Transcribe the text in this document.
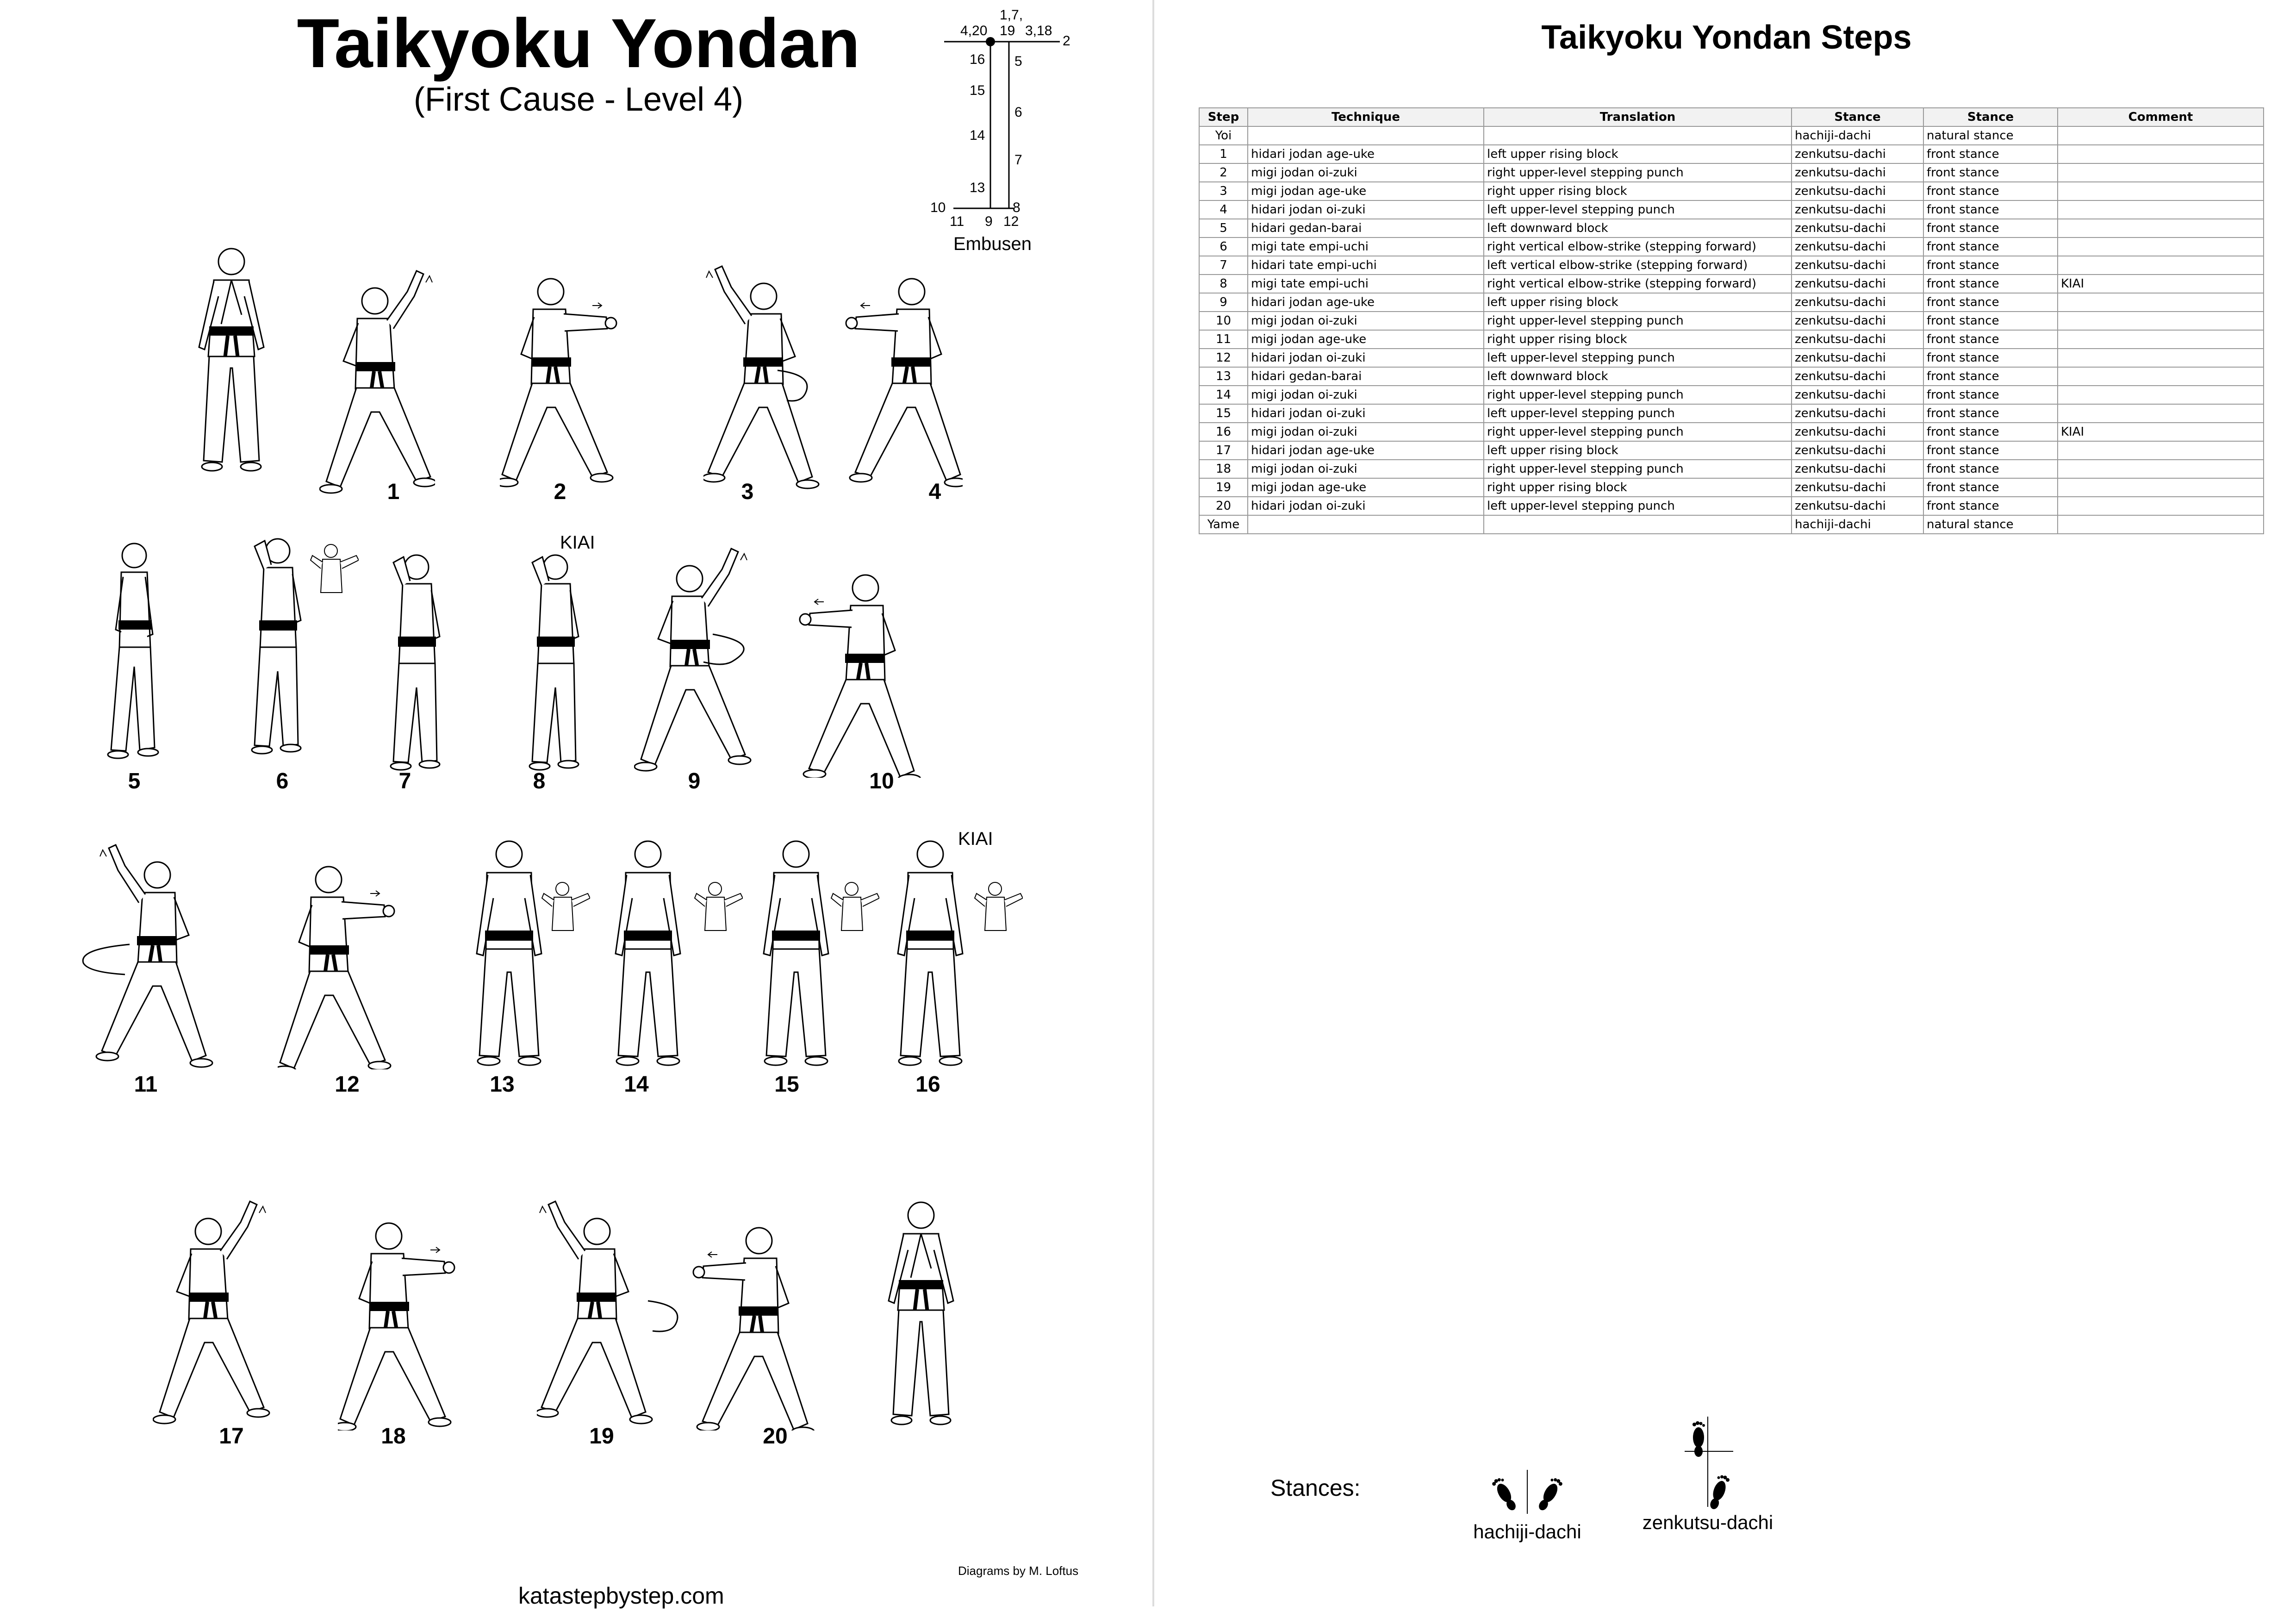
Taikyoku Yondan
(First Cause - Level 4)
4,20
1,7,
19 3,18
2
16
15
14
13
5
6
7
10
11 9 12
8
Embusen
1	2	3	4
KIAI
5	6	7	8	9	10
KIAI
11	12	13	14	15	16
17	18	19	20
Diagrams by M. Loftus
katastepbystep.com
Taikyoku Yondan Steps
Step	Technique	Translation	Stance	Stance	Comment
Yoi			hachiji-dachi	natural stance	
1	hidari jodan age-uke	left upper rising block	zenkutsu-dachi	front stance	
2	migi jodan oi-zuki	right upper-level stepping punch	zenkutsu-dachi	front stance	
3	migi jodan age-uke	right upper rising block	zenkutsu-dachi	front stance	
4	hidari jodan oi-zuki	left upper-level stepping punch	zenkutsu-dachi	front stance	
5	hidari gedan-barai	left downward block	zenkutsu-dachi	front stance	
6	migi tate empi-uchi	right vertical elbow-strike (stepping forward)	zenkutsu-dachi	front stance	
7	hidari tate empi-uchi	left vertical elbow-strike (stepping forward)	zenkutsu-dachi	front stance	
8	migi tate empi-uchi	right vertical elbow-strike (stepping forward)	zenkutsu-dachi	front stance	KIAI
9	hidari jodan age-uke	left upper rising block	zenkutsu-dachi	front stance	
10	migi jodan oi-zuki	right upper-level stepping punch	zenkutsu-dachi	front stance	
11	migi jodan age-uke	right upper rising block	zenkutsu-dachi	front stance	
12	hidari jodan oi-zuki	left upper-level stepping punch	zenkutsu-dachi	front stance	
13	hidari gedan-barai	left downward block	zenkutsu-dachi	front stance	
14	migi jodan oi-zuki	right upper-level stepping punch	zenkutsu-dachi	front stance	
15	hidari jodan oi-zuki	left upper-level stepping punch	zenkutsu-dachi	front stance	
16	migi jodan oi-zuki	right upper-level stepping punch	zenkutsu-dachi	front stance	KIAI
17	hidari jodan age-uke	left upper rising block	zenkutsu-dachi	front stance	
18	migi jodan oi-zuki	right upper-level stepping punch	zenkutsu-dachi	front stance	
19	migi jodan age-uke	right upper rising block	zenkutsu-dachi	front stance	
20	hidari jodan oi-zuki	left upper-level stepping punch	zenkutsu-dachi	front stance	
Yame			hachiji-dachi	natural stance	
Stances:
hachiji-dachi	zenkutsu-dachi
